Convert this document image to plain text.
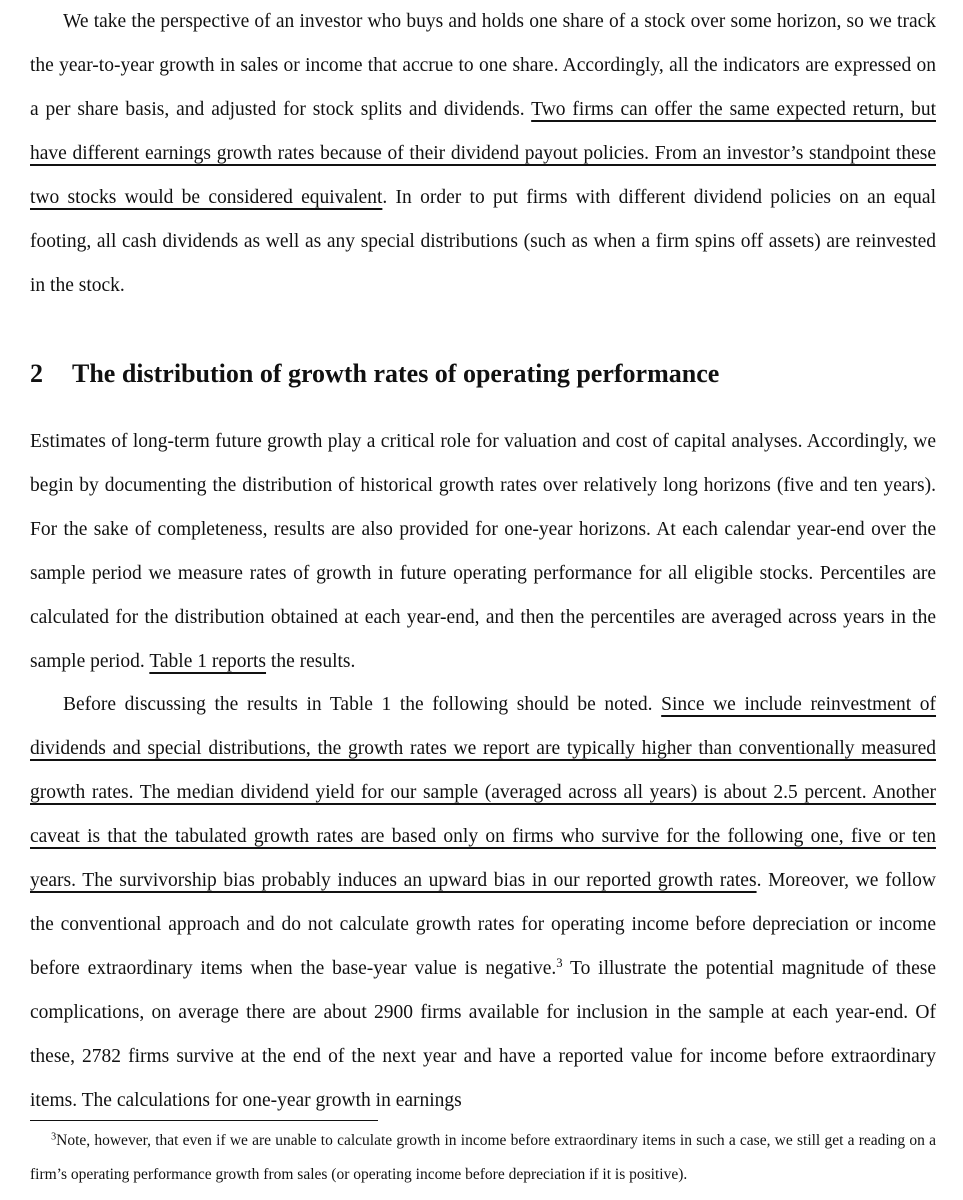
We take the perspective of an investor who buys and holds one share of a stock over some horizon, so we track the year-to-year growth in sales or income that accrue to one share. Accordingly, all the indicators are expressed on a per share basis, and adjusted for stock splits and dividends. Two firms can offer the same expected return, but have different earnings growth rates because of their dividend payout policies. From an investor’s standpoint these two stocks would be considered equivalent. In order to put firms with different dividend policies on an equal footing, all cash dividends as well as any special distributions (such as when a firm spins off assets) are reinvested in the stock.

2 The distribution of growth rates of operating performance

Estimates of long-term future growth play a critical role for valuation and cost of capital analyses. Accordingly, we begin by documenting the distribution of historical growth rates over relatively long horizons (five and ten years). For the sake of completeness, results are also provided for one-year horizons. At each calendar year-end over the sample period we measure rates of growth in future operating performance for all eligible stocks. Percentiles are calculated for the distribution obtained at each year-end, and then the percentiles are averaged across years in the sample period. Table 1 reports the results.

Before discussing the results in Table 1 the following should be noted. Since we include reinvestment of dividends and special distributions, the growth rates we report are typically higher than conventionally measured growth rates. The median dividend yield for our sample (averaged across all years) is about 2.5 percent. Another caveat is that the tabulated growth rates are based only on firms who survive for the following one, five or ten years. The survivorship bias probably induces an upward bias in our reported growth rates. Moreover, we follow the conventional approach and do not calculate growth rates for operating income before depreciation or income before extraordinary items when the base-year value is negative.$^3$ To illustrate the potential magnitude of these complications, on average there are about 2900 firms available for inclusion in the sample at each year-end. Of these, 2782 firms survive at the end of the next year and have a reported value for income before extraordinary items. The calculations for one-year growth in earnings

$^3$Note, however, that even if we are unable to calculate growth in income before extraordinary items in such a case, we still get a reading on a firm’s operating performance growth from sales (or operating income before depreciation if it is positive).
